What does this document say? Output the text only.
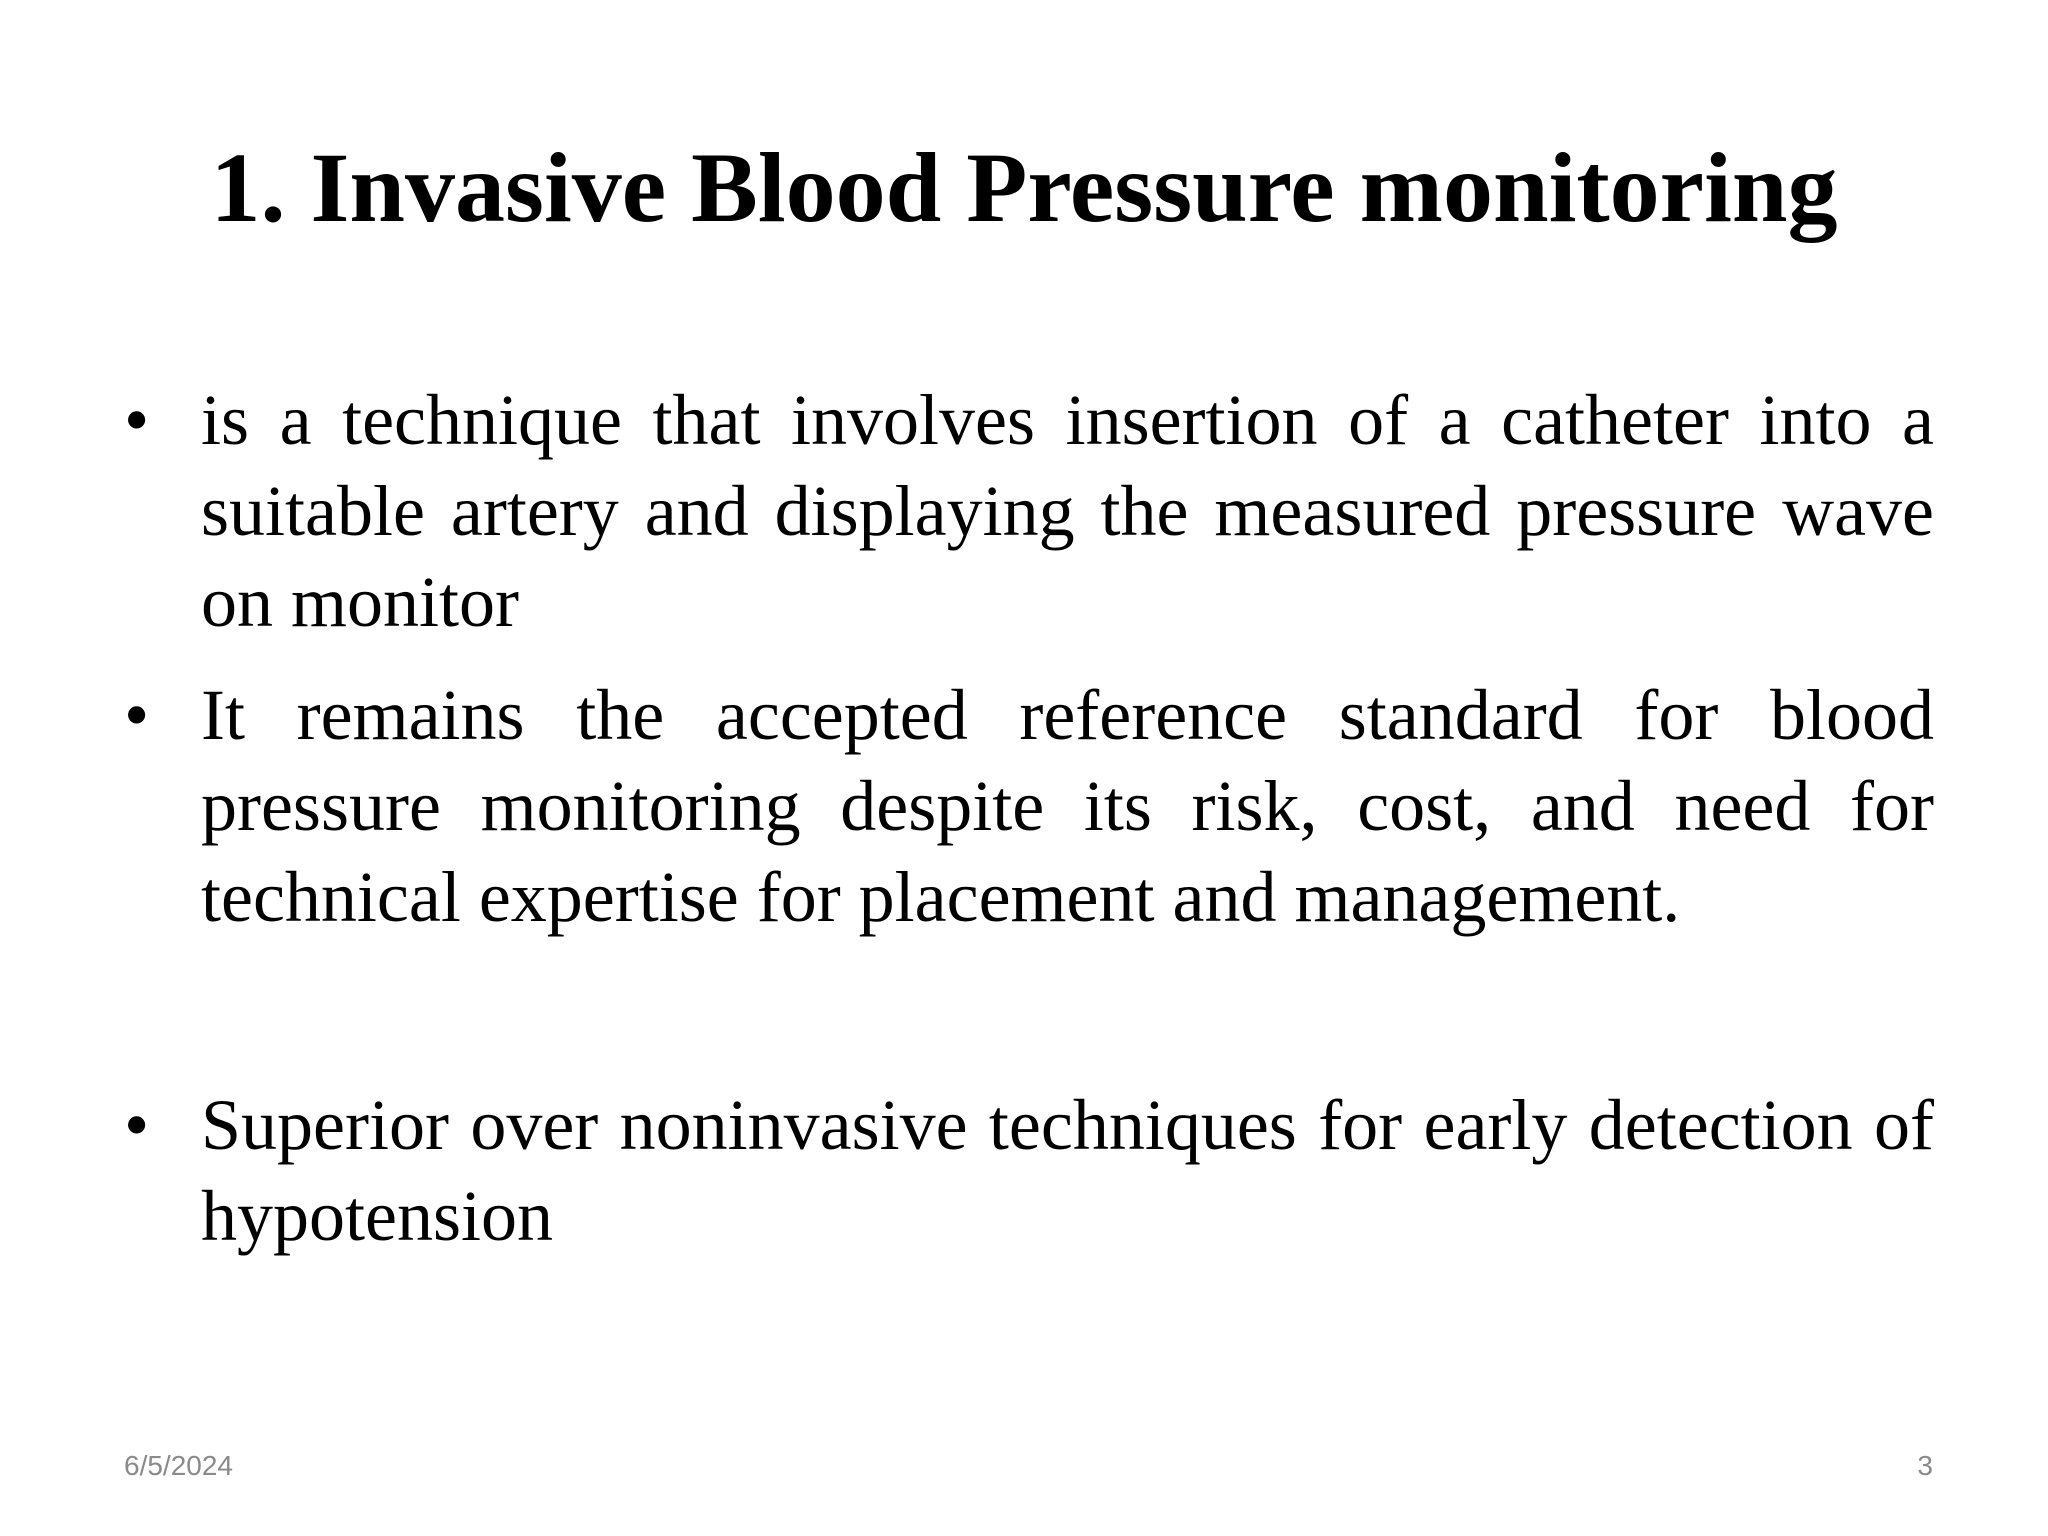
1. Invasive Blood Pressure monitoring
• is a technique that involves insertion of a catheter into a suitable artery and displaying the measured pressure wave on monitor
• It remains the accepted reference standard for blood pressure monitoring despite its risk, cost, and need for technical expertise for placement and management.
• Superior over noninvasive techniques for early detection of hypotension
6/5/2024	3
